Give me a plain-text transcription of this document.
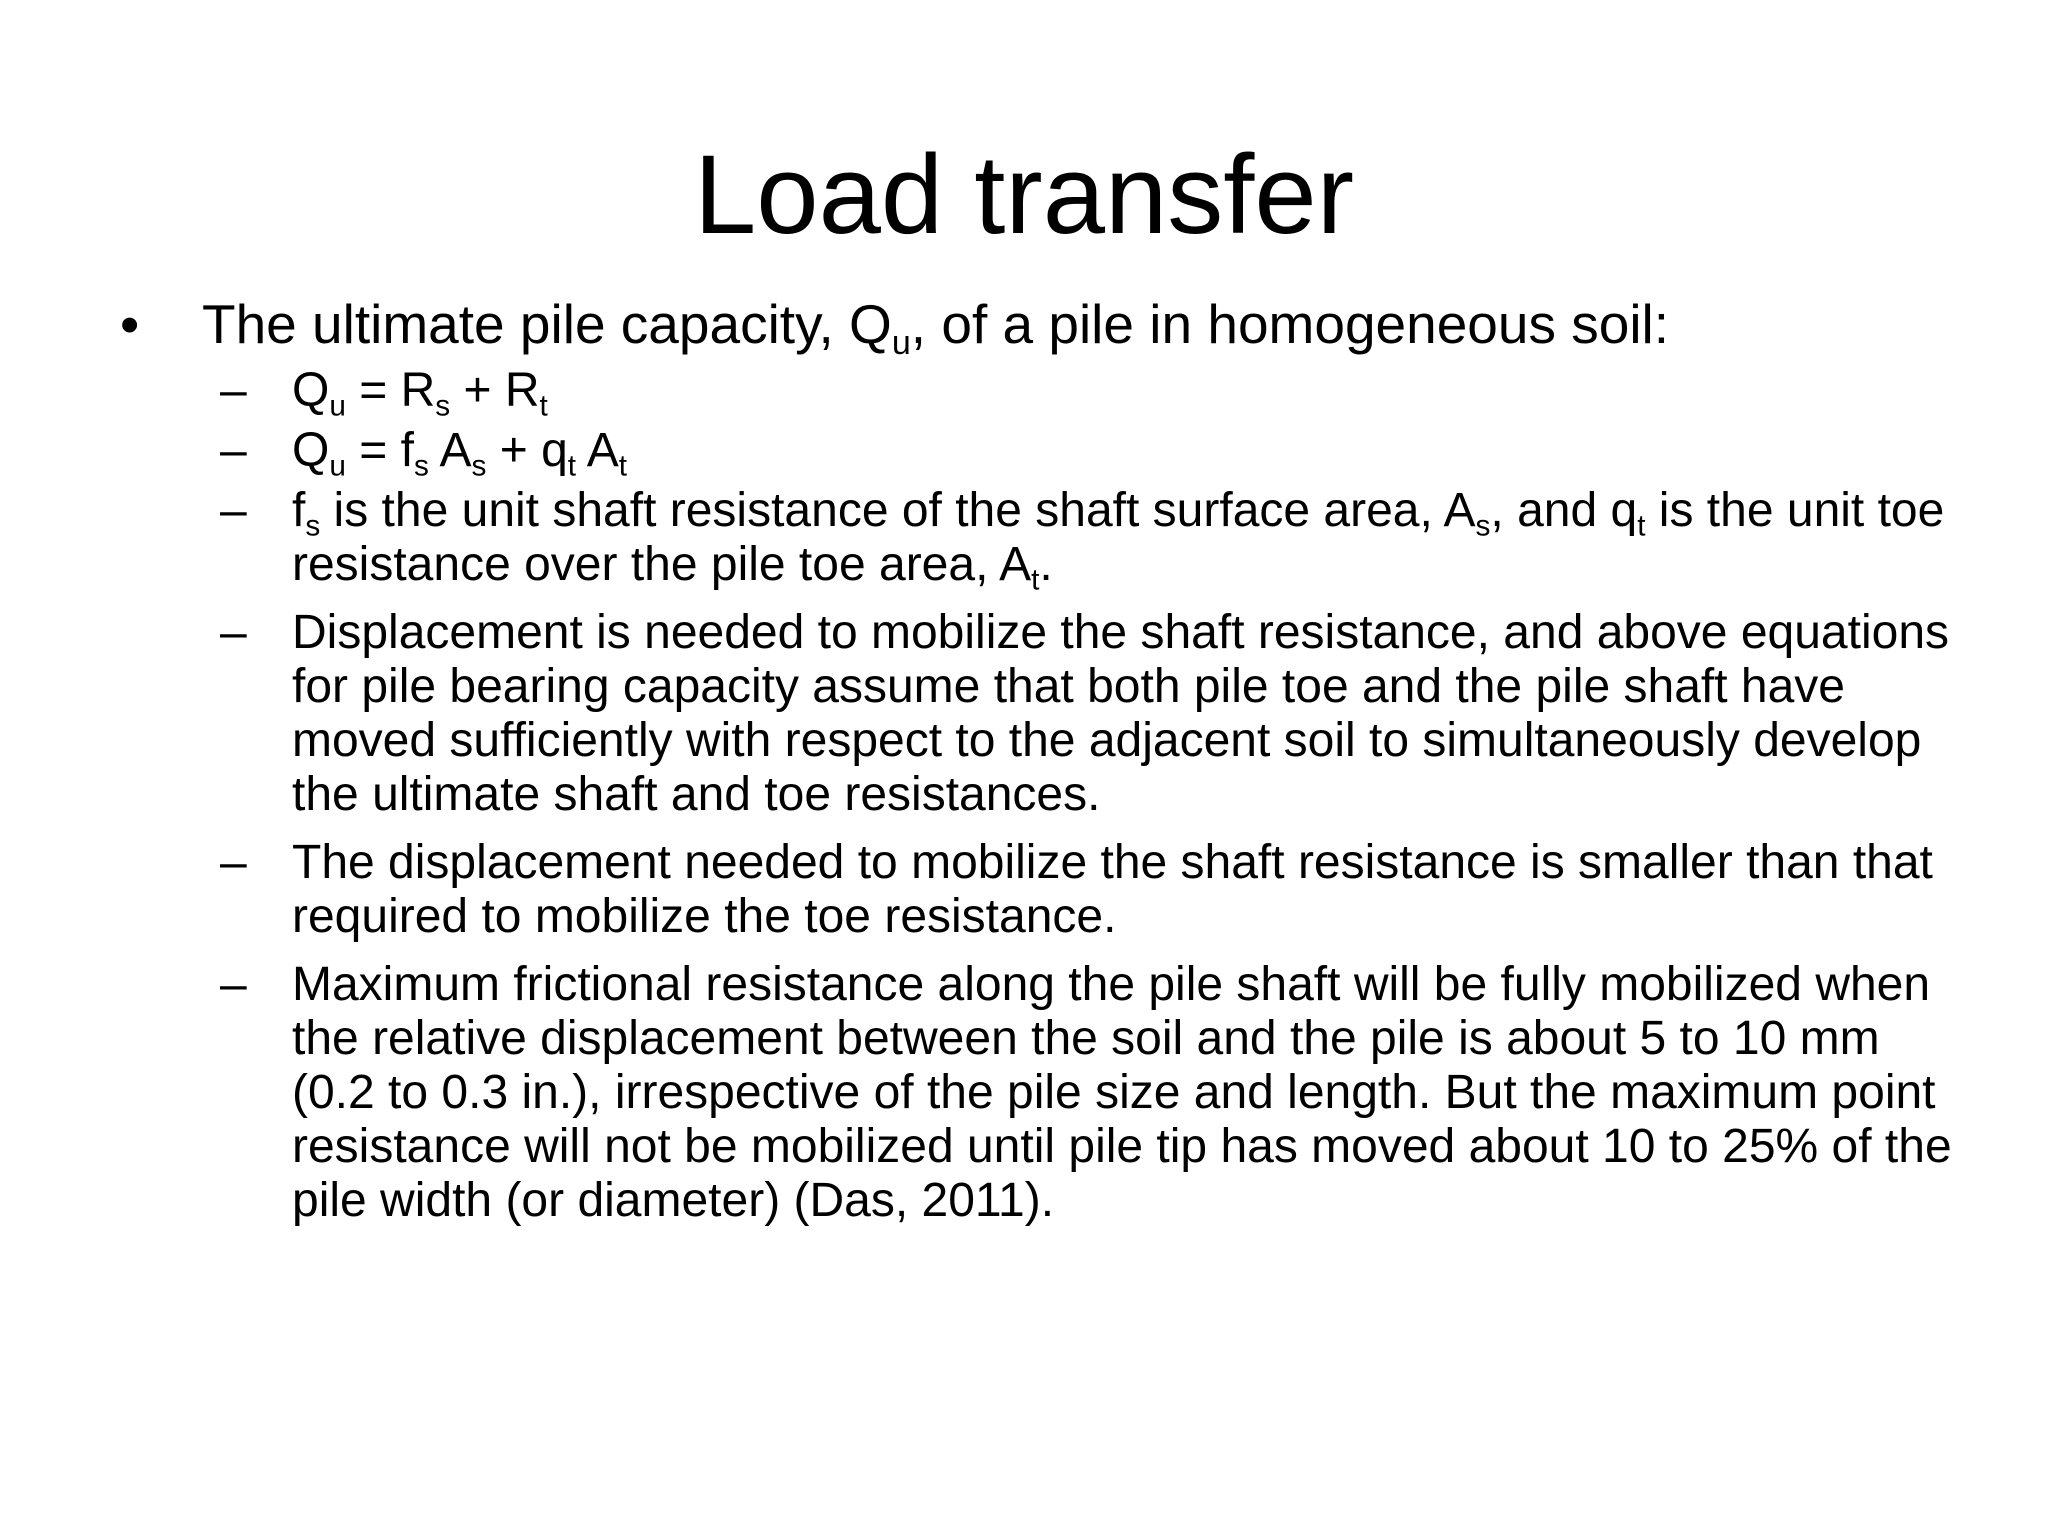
Load transfer
•	The ultimate pile capacity, $Q_u$, of a pile in homogeneous soil:
– $Q_u = R_s + R_t$
– $Q_u = f_s$ $A_s + q_t$ $A_t$
– $f_s$ is the unit shaft resistance of the shaft surface area, $A_s$, and $q_t$ is the unit toe resistance over the pile toe area, $A_t$.
– Displacement is needed to mobilize the shaft resistance, and above equations for pile bearing capacity assume that both pile toe and the pile shaft have moved sufficiently with respect to the adjacent soil to simultaneously develop the ultimate shaft and toe resistances.
– The displacement needed to mobilize the shaft resistance is smaller than that required to mobilize the toe resistance.
– Maximum frictional resistance along the pile shaft will be fully mobilized when the relative displacement between the soil and the pile is about 5 to 10 mm (0.2 to 0.3 in.), irrespective of the pile size and length. But the maximum point resistance will not be mobilized until pile tip has moved about 10 to 25% of the pile width (or diameter) (Das, 2011).
